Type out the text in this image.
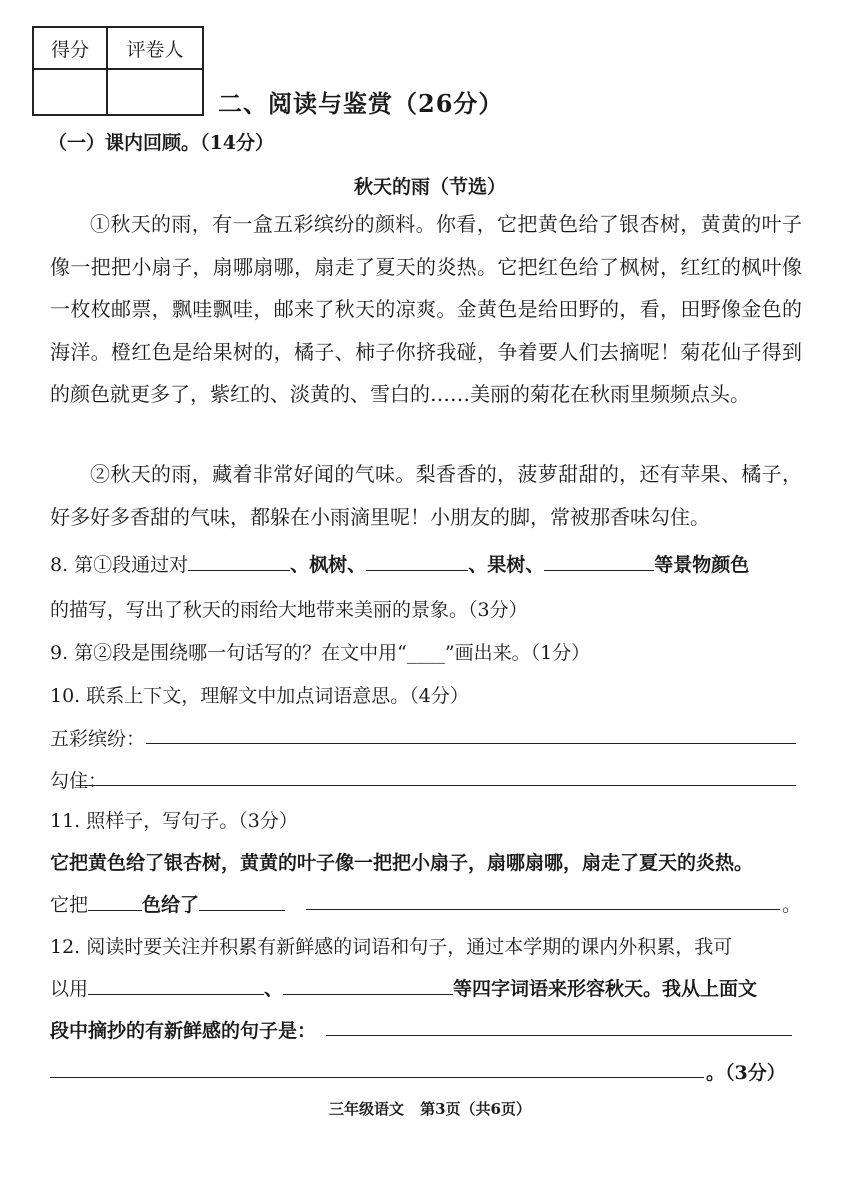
得分	评卷人

二、阅读与鉴赏（26分）
（一）课内回顾。（14分）
秋天的雨（节选）
①秋天的雨，有一盒五彩缤纷的颜料。你看，它把黄色给了银杏树，黄黄的叶子像一把把小扇子，扇哪扇哪，扇走了夏天的炎热。它把红色给了枫树，红红的枫叶像一枚枚邮票，飘哇飘哇，邮来了秋天的凉爽。金黄色是给田野的，看，田野像金色的海洋。橙红色是给果树的，橘子、柿子你挤我碰，争着要人们去摘呢！菊花仙子得到的颜色就更多了，紫红的、淡黄的、雪白的……美丽的菊花在秋雨里频频点头。
②秋天的雨，藏着非常好闻的气味。梨香香的，菠萝甜甜的，还有苹果、橘子，好多好多香甜的气味，都躲在小雨滴里呢！小朋友的脚，常被那香味勾住。
8. 第①段通过对	、枫树、	、果树、	等景物颜色
的描写，写出了秋天的雨给大地带来美丽的景象。（3分）
9. 第②段是围绕哪一句话写的？在文中用“____”画出来。（1分）
10. 联系上下文，理解文中加点词语意思。（4分）
五彩缤纷：
勾住：
11. 照样子，写句子。（3分）
它把黄色给了银杏树，黄黄的叶子像一把把小扇子，扇哪扇哪，扇走了夏天的炎热。
它把	色给了	。
12. 阅读时要关注并积累有新鲜感的词语和句子，通过本学期的课内外积累，我可
以用	、	等四字词语来形容秋天。我从上面文
段中摘抄的有新鲜感的句子是：
。（3分）
三年级语文 第3页（共6页）
